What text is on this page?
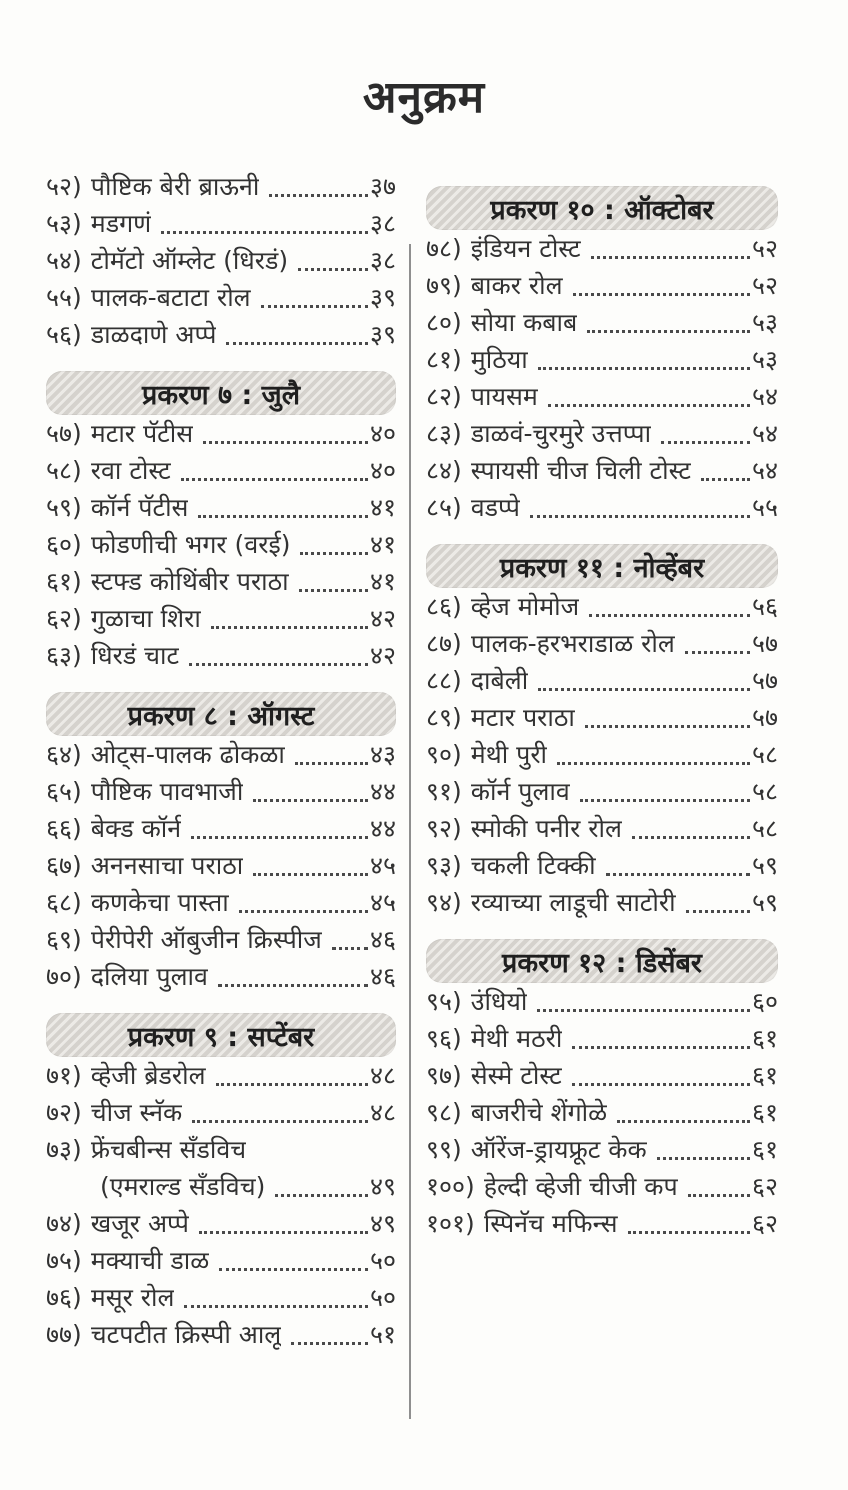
अनुक्रम
५२) पौष्टिक बेरी ब्राऊनी	३७
५३) मडगणं	३८
५४) टोमॅटो ऑम्लेट (धिरडं)	३८
५५) पालक-बटाटा रोल	३९
५६) डाळदाणे अप्पे	३९
प्रकरण ७ : जुलै
५७) मटार पॅटीस	४०
५८) रवा टोस्ट	४०
५९) कॉर्न पॅटीस	४१
६०) फोडणीची भगर (वरई)	४१
६१) स्टफ्ड कोथिंबीर पराठा	४१
६२) गुळाचा शिरा	४२
६३) धिरडं चाट	४२
प्रकरण ८ : ऑगस्ट
६४) ओट्स-पालक ढोकळा	४३
६५) पौष्टिक पावभाजी	४४
६६) बेक्ड कॉर्न	४४
६७) अननसाचा पराठा	४५
६८) कणकेचा पास्ता	४५
६९) पेरीपेरी ऑबुजीन क्रिस्पीज ४६
७०) दलिया पुलाव	४६
प्रकरण ९ : सप्टेंबर
७१) व्हेजी ब्रेडरोल	४८
७२) चीज स्नॅक	४८
७३) फ्रेंचबीन्स सँडविच
(एमराल्ड सँडविच)	४९
७४) खजूर अप्पे	४९
७५) मक्याची डाळ	५०
७६) मसूर रोल	५०
७७) चटपटीत क्रिस्पी आलू	५१
प्रकरण १० : ऑक्टोबर
७८) इंडियन टोस्ट	५२
७९) बाकर रोल	५२
८०) सोया कबाब	५३
८१) मुठिया	५३
८२) पायसम	५४
८३) डाळवं-चुरमुरे उत्तप्पा	५४
८४) स्पायसी चीज चिली टोस्ट ५४
८५) वडप्पे	५५
प्रकरण ११ : नोव्हेंबर
८६) व्हेज मोमोज	५६
८७) पालक-हरभराडाळ रोल	५७
८८) दाबेली	५७
८९) मटार पराठा	५७
९०) मेथी पुरी	५८
९१) कॉर्न पुलाव	५८
९२) स्मोकी पनीर रोल	५८
९३) चकली टिक्की	५९
९४) रव्याच्या लाडूची साटोरी	५९
प्रकरण १२ : डिसेंबर
९५) उंधियो	६०
९६) मेथी मठरी	६१
९७) सेस्मे टोस्ट	६१
९८) बाजरीचे शेंगोळे	६१
९९) ऑरेंज-ड्रायफ्रूट केक	६१
१००) हेल्दी व्हेजी चीजी कप	६२
१०१) स्पिनॅच मफिन्स	६२
